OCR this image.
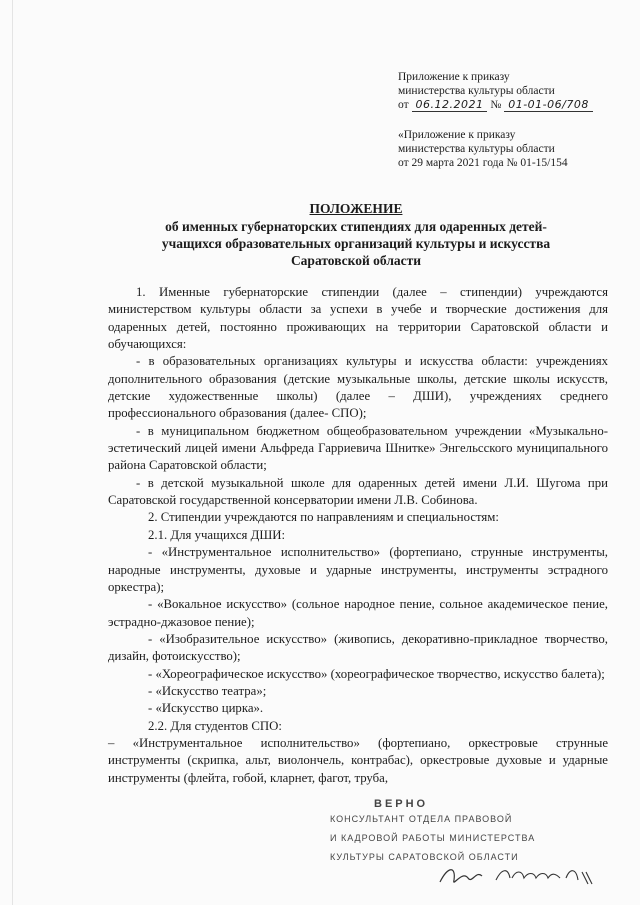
Приложение к приказу
министерства культуры области
от 06.12.2021 № 01-01-06/708
«Приложение к приказу
министерства культуры области
от 29 марта 2021 года № 01-15/154
ПОЛОЖЕНИЕ
об именных губернаторских стипендиях для одаренных детей-
учащихся образовательных организаций культуры и искусства
Саратовской области

1. Именные губернаторские стипендии (далее – стипендии) учреждаются министерством культуры области за успехи в учебе и творческие достижения для одаренных детей, постоянно проживающих на территории Саратовской области и обучающихся:

- в образовательных организациях культуры и искусства области: учреждениях дополнительного образования (детские музыкальные школы, детские школы искусств, детские художественные школы) (далее – ДШИ), учреждениях среднего профессионального образования (далее- СПО);

- в муниципальном бюджетном общеобразовательном учреждении «Музыкально-эстетический лицей имени Альфреда Гарриевича Шнитке» Энгельсского муниципального района Саратовской области;

- в детской музыкальной школе для одаренных детей имени Л.И. Шугома при Саратовской государственной консерватории имени Л.В. Собинова.

2. Стипендии учреждаются по направлениям и специальностям:

2.1. Для учащихся ДШИ:

- «Инструментальное исполнительство» (фортепиано, струнные инструменты, народные инструменты, духовые и ударные инструменты, инструменты эстрадного оркестра);

- «Вокальное искусство» (сольное народное пение, сольное академическое пение, эстрадно-джазовое пение);

- «Изобразительное искусство» (живопись, декоративно-прикладное творчество, дизайн, фотоискусство);

- «Хореографическое искусство» (хореографическое творчество, искусство балета);

- «Искусство театра»;

- «Искусство цирка».

2.2. Для студентов СПО:

– «Инструментальное исполнительство» (фортепиано, оркестровые струнные инструменты (скрипка, альт, виолончель, контрабас), оркестровые духовые и ударные инструменты (флейта, гобой, кларнет, фагот, труба,

ВЕРНО
КОНСУЛЬТАНТ ОТДЕЛА ПРАВОВОЙ
И КАДРОВОЙ РАБОТЫ МИНИСТЕРСТВА
КУЛЬТУРЫ САРАТОВСКОЙ ОБЛАСТИ
